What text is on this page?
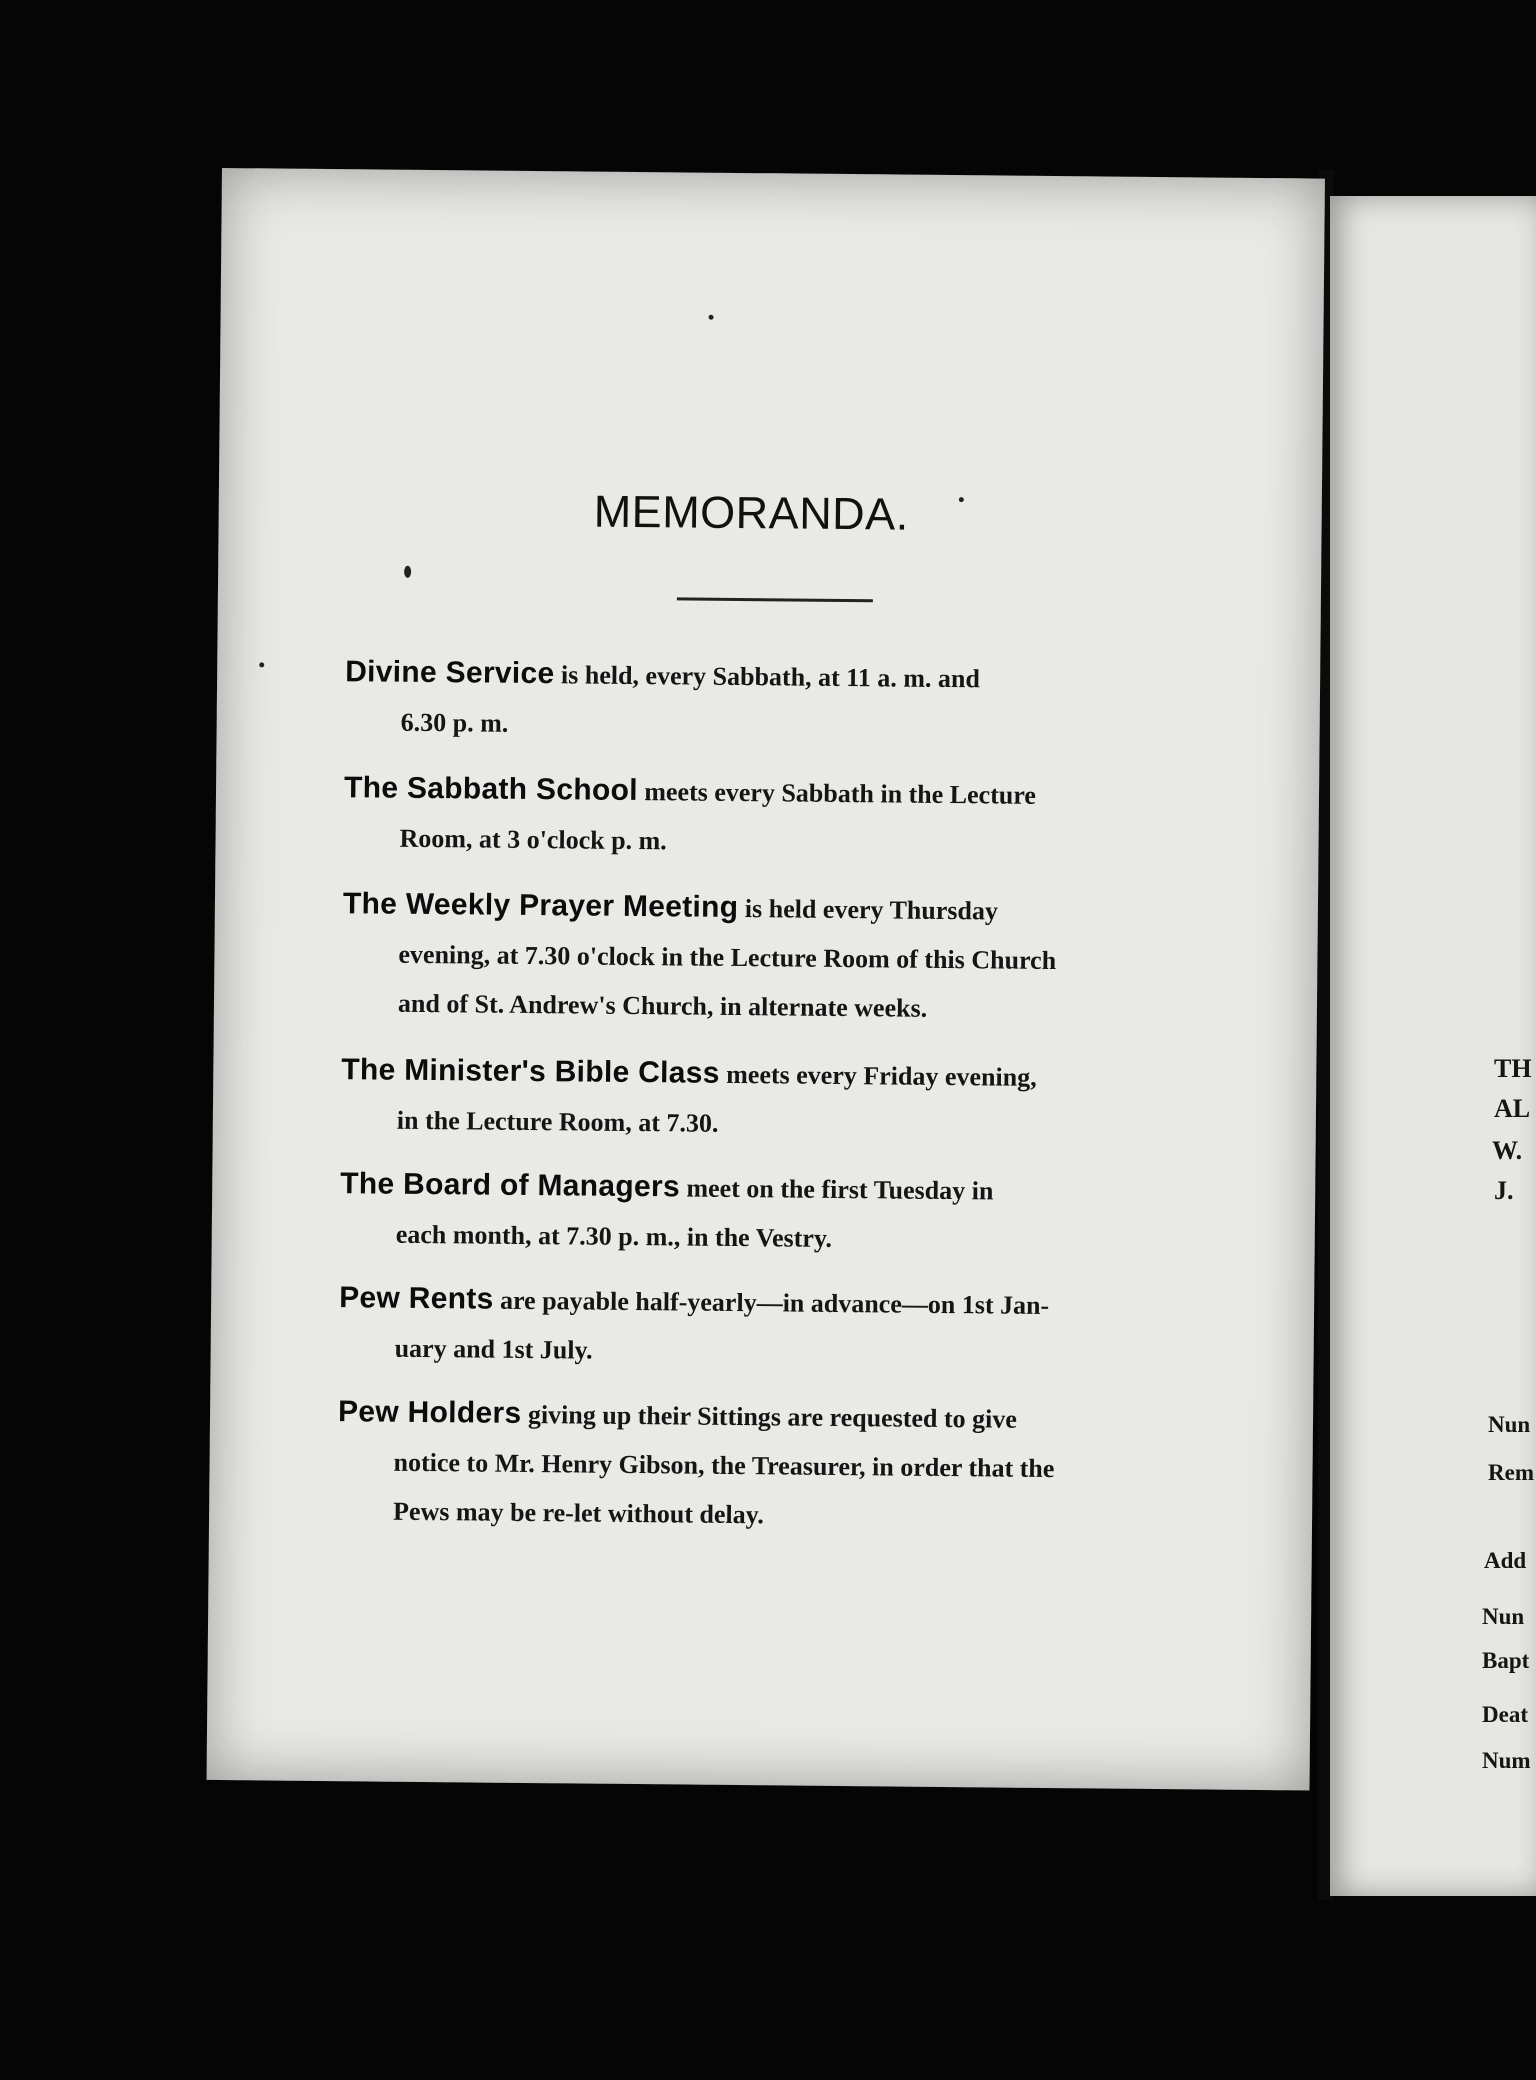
MEMORANDA.
Divine Service is held, every Sabbath, at 11 a. m. and
6.30 p. m.
The Sabbath School meets every Sabbath in the Lecture
Room, at 3 o'clock p. m.
The Weekly Prayer Meeting is held every Thursday
evening, at 7.30 o'clock in the Lecture Room of this Church
and of St. Andrew's Church, in alternate weeks.
The Minister's Bible Class meets every Friday evening,
in the Lecture Room, at 7.30.
The Board of Managers meet on the first Tuesday in
each month, at 7.30 p. m., in the Vestry.
Pew Rents are payable half-yearly—in advance—on 1st Jan-
uary and 1st July.
Pew Holders giving up their Sittings are requested to give
notice to Mr. Henry Gibson, the Treasurer, in order that the
Pews may be re-let without delay.
TH
AL
W.
J.
Nun
Rem
Add
Nun
Bapt
Deat
Num
